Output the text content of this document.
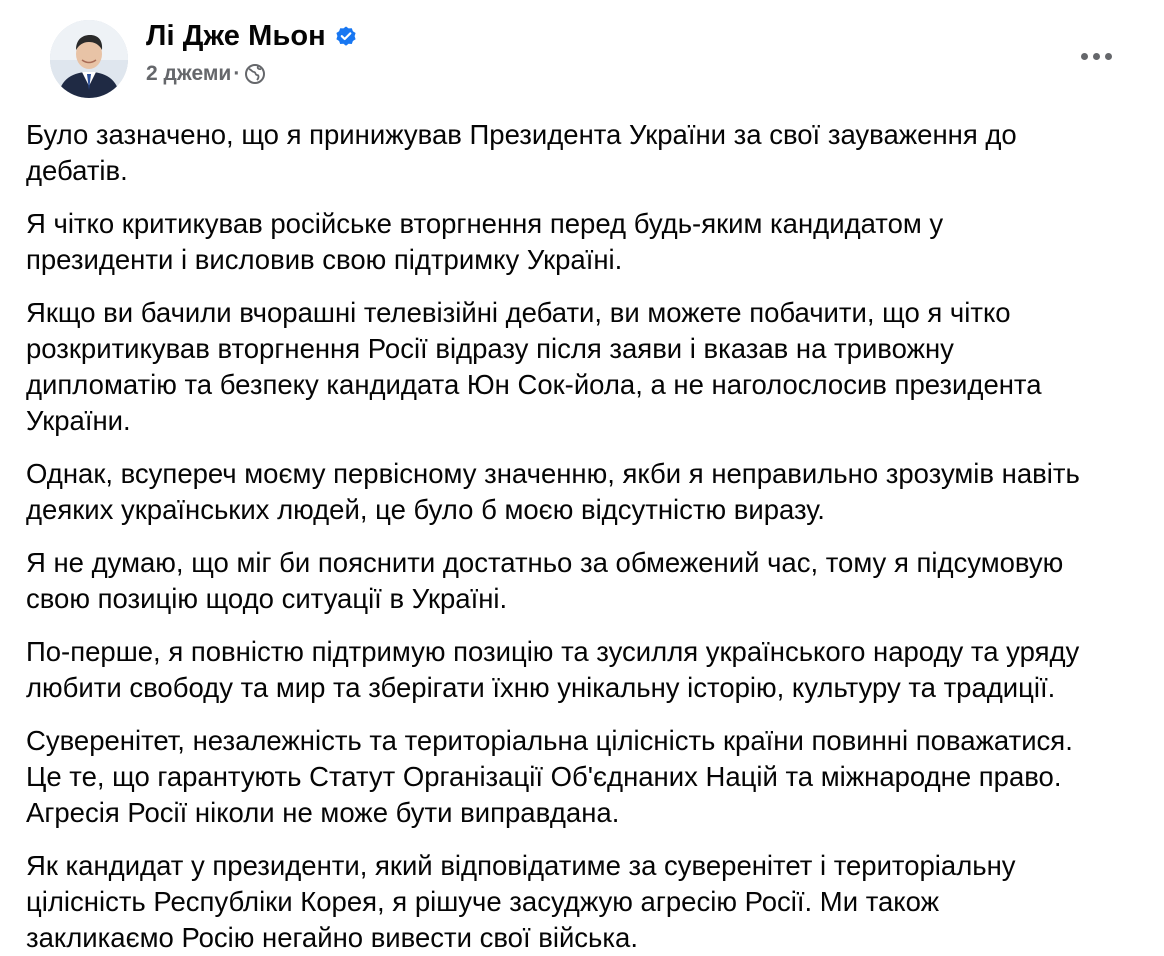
Лі Дже Мьон
2 джеми ·

Було зазначено, що я принижував Президента України за свої зауваження до
дебатів.

Я чітко критикував російське вторгнення перед будь-яким кандидатом у
президенти і висловив свою підтримку Україні.

Якщо ви бачили вчорашні телевізійні дебати, ви можете побачити, що я чітко
розкритикував вторгнення Росії відразу після заяви і вказав на тривожну
дипломатію та безпеку кандидата Юн Сок-йола, а не наголослосив президента
України.

Однак, всупереч моєму первісному значенню, якби я неправильно зрозумів навіть
деяких українських людей, це було б моєю відсутністю виразу.

Я не думаю, що міг би пояснити достатньо за обмежений час, тому я підсумовую
свою позицію щодо ситуації в Україні.

По-перше, я повністю підтримую позицію та зусилля українського народу та уряду
любити свободу та мир та зберігати їхню унікальну історію, культуру та традиції.

Суверенітет, незалежність та територіальна цілісність країни повинні поважатися.
Це те, що гарантують Статут Організації Об'єднаних Націй та міжнародне право.
Агресія Росії ніколи не може бути виправдана.

Як кандидат у президенти, який відповідатиме за суверенітет і територіальну
цілісність Республіки Корея, я рішуче засуджую агресію Росії. Ми також
закликаємо Росію негайно вивести свої війська.
